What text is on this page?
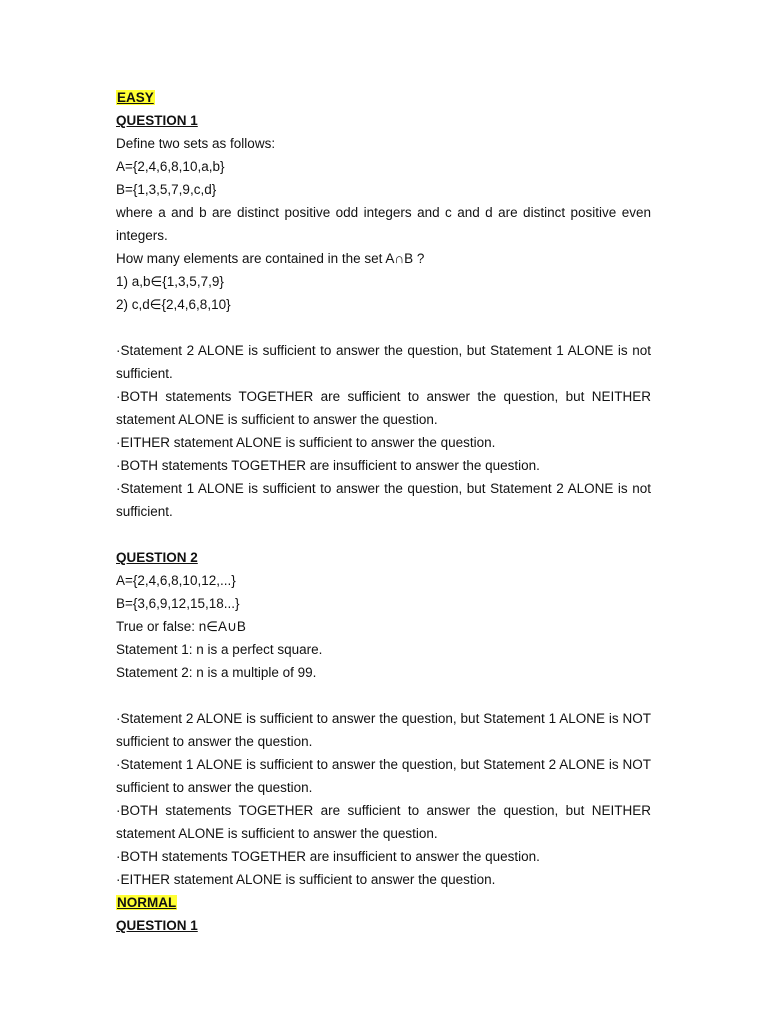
EASY

QUESTION 1

Define two sets as follows:

A={2,4,6,8,10,a,b}

B={1,3,5,7,9,c,d}

where a and b are distinct positive odd integers and c and d are distinct positive even integers.

How many elements are contained in the set A∩B ?

1) a,b∈{1,3,5,7,9}

2) c,d∈{2,4,6,8,10}

·Statement 2 ALONE is sufficient to answer the question, but Statement 1 ALONE is not sufficient.

·BOTH statements TOGETHER are sufficient to answer the question, but NEITHER statement ALONE is sufficient to answer the question.

·EITHER statement ALONE is sufficient to answer the question.

·BOTH statements TOGETHER are insufficient to answer the question.

·Statement 1 ALONE is sufficient to answer the question, but Statement 2 ALONE is not sufficient.

QUESTION 2

A={2,4,6,8,10,12,...}

B={3,6,9,12,15,18...}

True or false: n∈A∪B

Statement 1: n is a perfect square.

Statement 2: n is a multiple of 99.

·Statement 2 ALONE is sufficient to answer the question, but Statement 1 ALONE is NOT sufficient to answer the question.

·Statement 1 ALONE is sufficient to answer the question, but Statement 2 ALONE is NOT sufficient to answer the question.

·BOTH statements TOGETHER are sufficient to answer the question, but NEITHER statement ALONE is sufficient to answer the question.

·BOTH statements TOGETHER are insufficient to answer the question.

·EITHER statement ALONE is sufficient to answer the question.

NORMAL

QUESTION 1
